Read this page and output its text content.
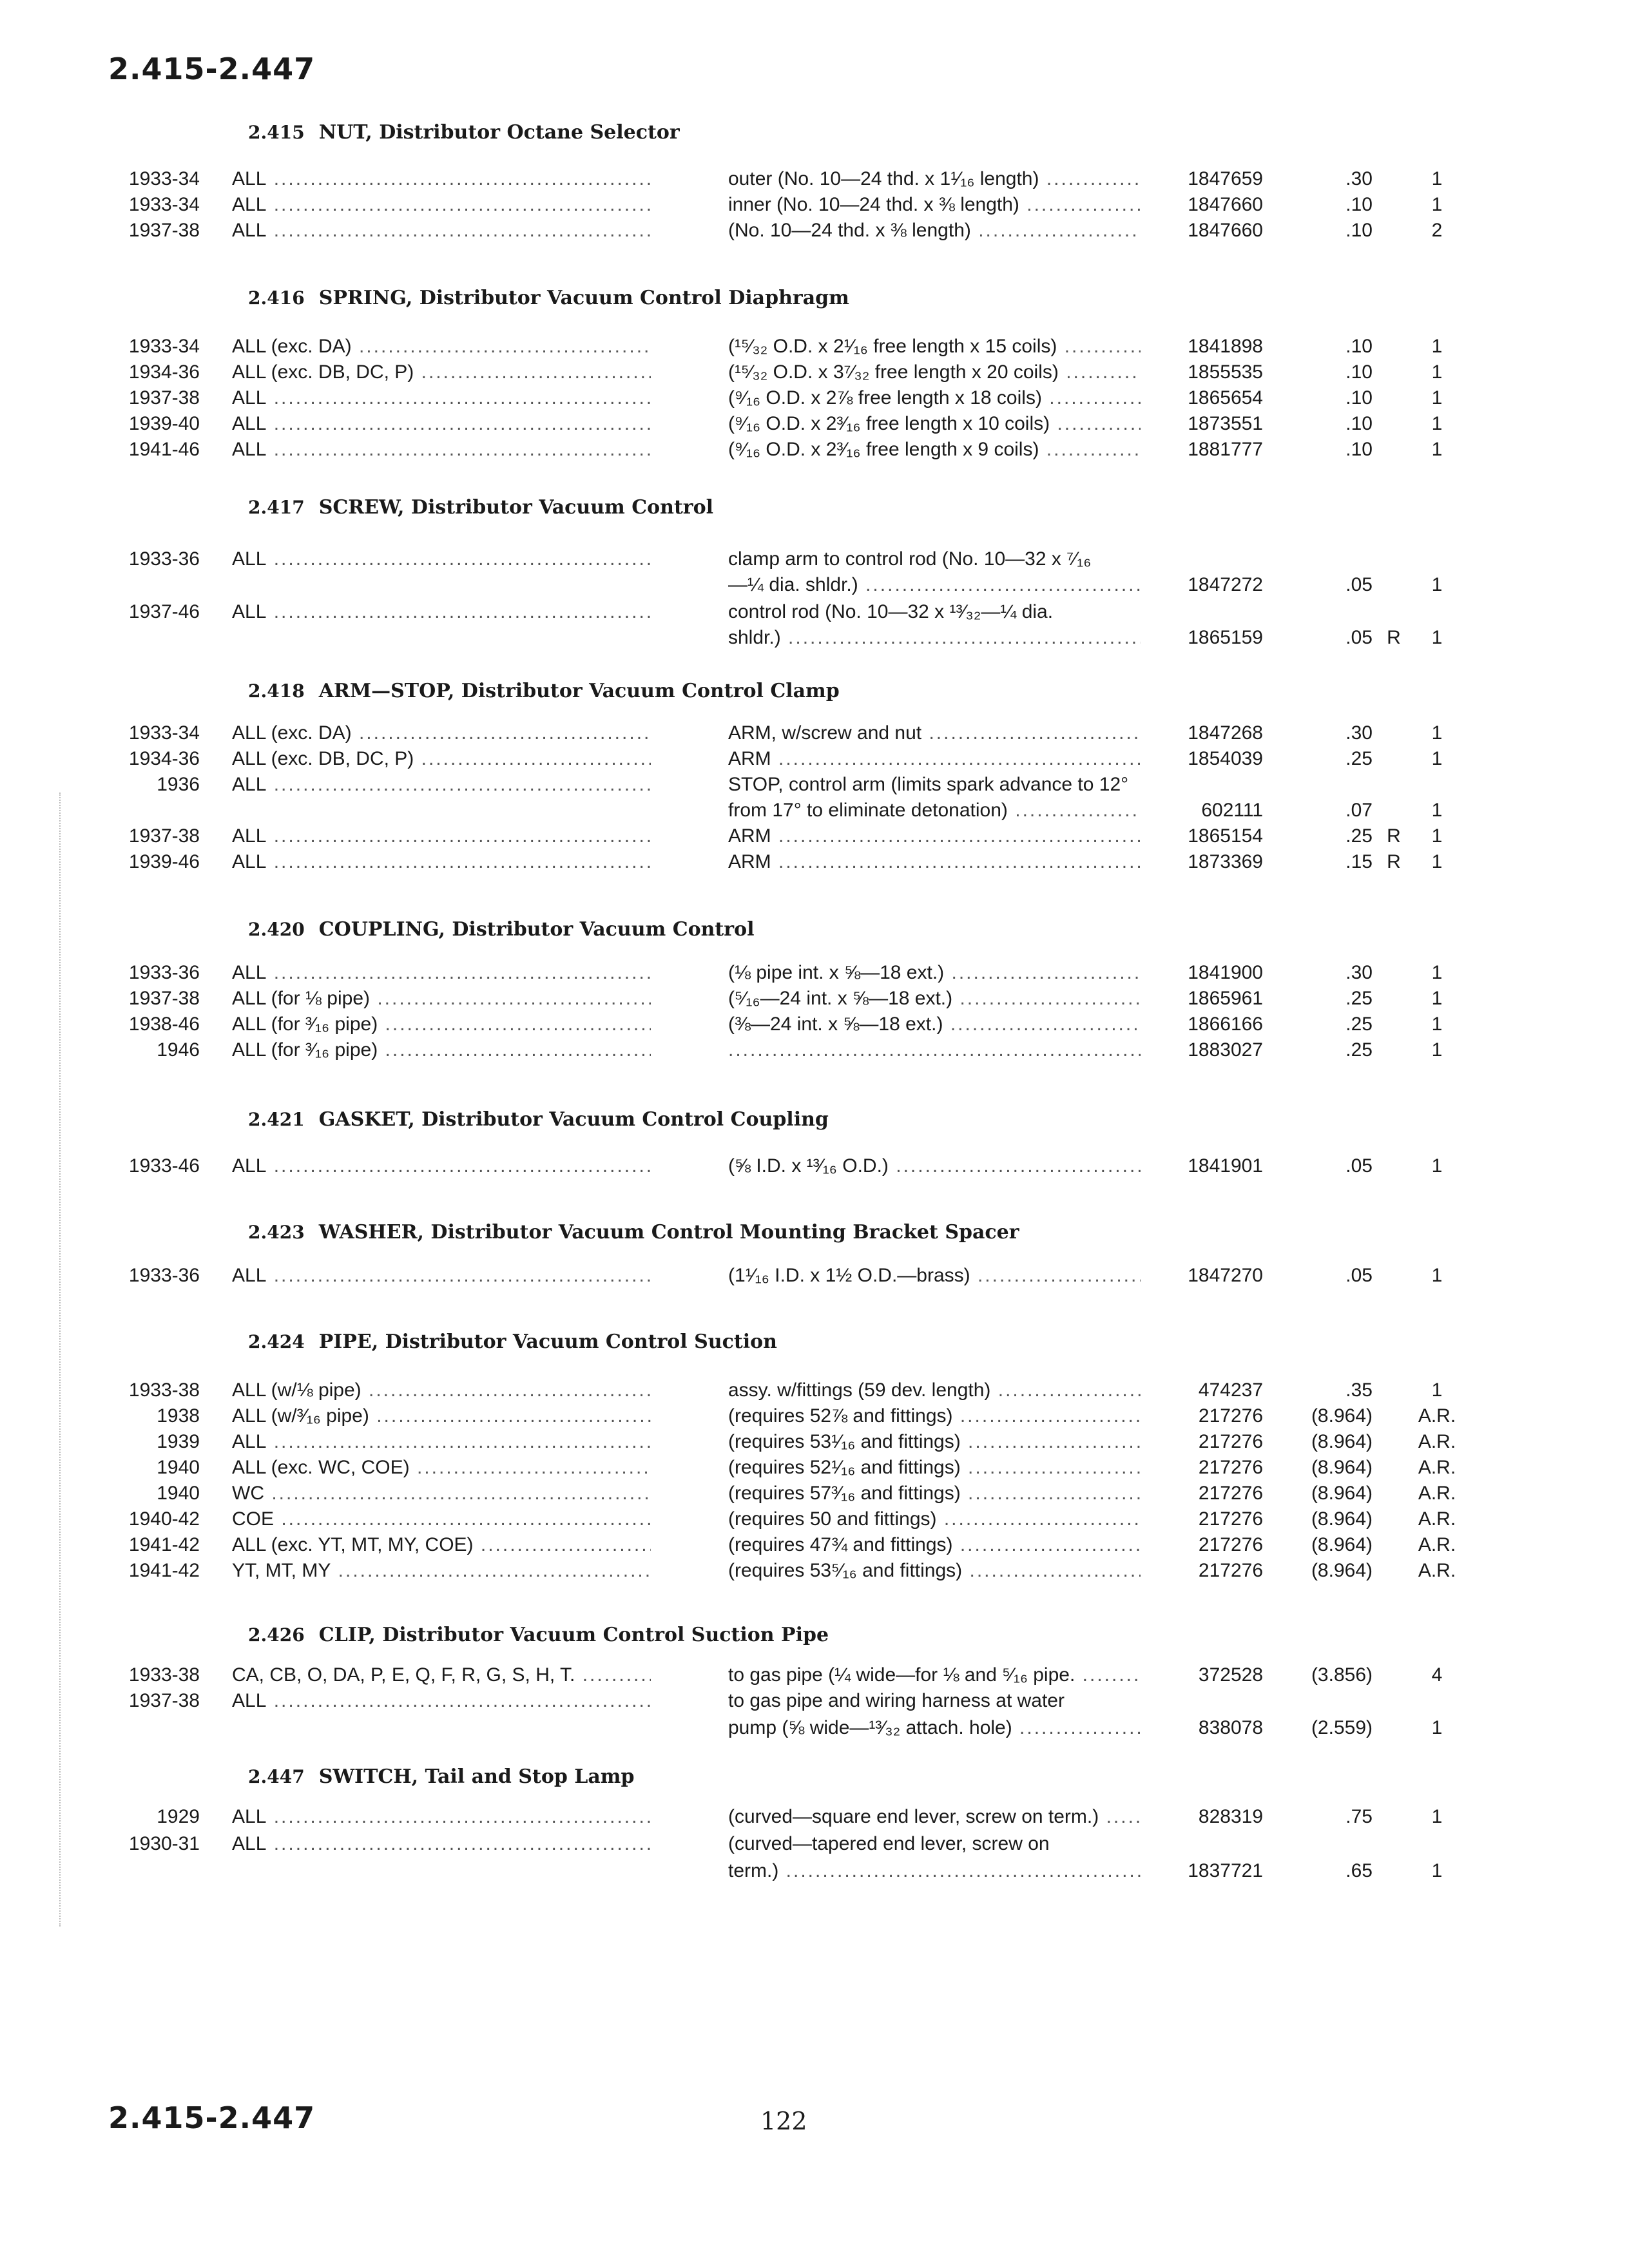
2.415-2.447
2.415 NUT, Distributor Octane Selector
1933-34 ALL .....	outer (No. 10—24 thd. x 1¹⁄₁₆ length) .....	1847659	.30	1
1933-34 ALL .....	inner (No. 10—24 thd. x ⅜ length) .....	1847660	.10	1
1937-38 ALL .....	(No. 10—24 thd. x ⅜ length) .....	1847660	.10	2
2.416 SPRING, Distributor Vacuum Control Diaphragm
1933-34 ALL (exc. DA) .....	(¹⁵⁄₃₂ O.D. x 2¹⁄₁₆ free length x 15 coils) .....	1841898	.10	1
1934-36 ALL (exc. DB, DC, P) .....	(¹⁵⁄₃₂ O.D. x 3⁷⁄₃₂ free length x 20 coils) .....	1855535	.10	1
1937-38 ALL .....	(⁹⁄₁₆ O.D. x 2⅞ free length x 18 coils) .....	1865654	.10	1
1939-40 ALL .....	(⁹⁄₁₆ O.D. x 2³⁄₁₆ free length x 10 coils) .....	1873551	.10	1
1941-46 ALL .....	(⁹⁄₁₆ O.D. x 2³⁄₁₆ free length x 9 coils) .....	1881777	.10	1
2.417 SCREW, Distributor Vacuum Control
1933-36 ALL .....	clamp arm to control rod (No. 10—32 x ⁷⁄₁₆
—¼ dia. shldr.) .....	1847272	.05	1
1937-46 ALL .....	control rod (No. 10—32 x ¹³⁄₃₂—¼ dia.
shldr.) .....	1865159	.05 R	1
2.418 ARM—STOP, Distributor Vacuum Control Clamp
1933-34 ALL (exc. DA) .....	ARM, w/screw and nut .....	1847268	.30	1
1934-36 ALL (exc. DB, DC, P) .....	ARM .....	1854039	.25	1
1936 ALL .....	STOP, control arm (limits spark advance to 12°
from 17° to eliminate detonation) .....	602111	.07	1
1937-38 ALL .....	ARM .....	1865154	.25 R	1
1939-46 ALL .....	ARM .....	1873369	.15 R	1
2.420 COUPLING, Distributor Vacuum Control
1933-36 ALL .....	(⅛ pipe int. x ⅝—18 ext.) .....	1841900	.30	1
1937-38 ALL (for ⅛ pipe) .....	(⁵⁄₁₆—24 int. x ⅝—18 ext.) .....	1865961	.25	1
1938-46 ALL (for ³⁄₁₆ pipe) .....	(⅜—24 int. x ⅝—18 ext.) .....	1866166	.25	1
1946 ALL (for ³⁄₁₆ pipe) .....
.....	1883027	.25	1
2.421 GASKET, Distributor Vacuum Control Coupling
1933-46 ALL .....	(⅝ I.D. x ¹³⁄₁₆ O.D.) .....	1841901	.05	1
2.423 WASHER, Distributor Vacuum Control Mounting Bracket Spacer
1933-36 ALL .....	(1¹⁄₁₆ I.D. x 1½ O.D.—brass) .....	1847270	.05	1
2.424 PIPE, Distributor Vacuum Control Suction
1933-38 ALL (w/⅛ pipe) .....	assy. w/fittings (59 dev. length) .....	474237	.35	1
1938 ALL (w/³⁄₁₆ pipe) .....	(requires 52⅞ and fittings) .....	217276	(8.964)	A.R.
1939 ALL .....	(requires 53¹⁄₁₆ and fittings) .....	217276	(8.964)	A.R.
1940 ALL (exc. WC, COE) .....	(requires 52¹⁄₁₆ and fittings) .....	217276	(8.964)	A.R.
1940 WC .....	(requires 57³⁄₁₆ and fittings) .....	217276	(8.964)	A.R.
1940-42 COE .....	(requires 50 and fittings) .....	217276	(8.964)	A.R.
1941-42 ALL (exc. YT, MT, MY, COE) .....	(requires 47¾ and fittings) .....	217276	(8.964)	A.R.
1941-42 YT, MT, MY .....	(requires 53⁵⁄₁₆ and fittings) .....	217276	(8.964)	A.R.
2.426 CLIP, Distributor Vacuum Control Suction Pipe
1933-38 CA, CB, O, DA, P, E, Q, F, R, G, S, H, T. .....	to gas pipe (¼ wide—for ⅛ and ⁵⁄₁₆ pipe. .....	372528	(3.856)	4
1937-38 ALL .....	to gas pipe and wiring harness at water
pump (⅝ wide—¹³⁄₃₂ attach. hole) .....	838078	(2.559)	1
2.447 SWITCH, Tail and Stop Lamp
1929 ALL .....	(curved—square end lever, screw on term.) .....	828319	.75	1
1930-31 ALL .....	(curved—tapered end lever, screw on
term.) .....	1837721	.65	1
2.415-2.447	122
